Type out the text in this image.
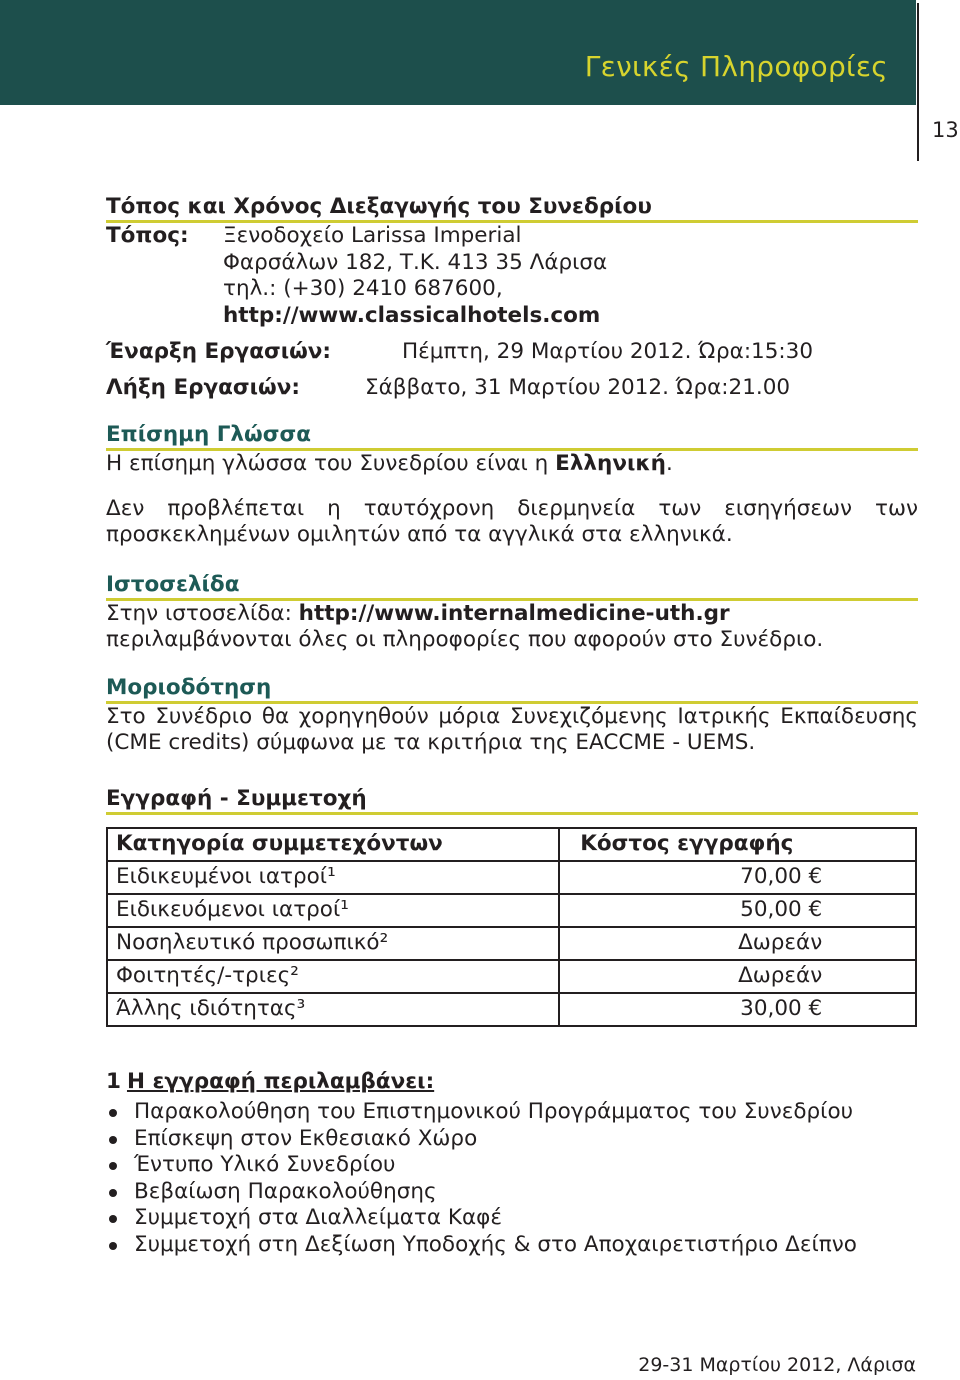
Γενικές Πληροφορίες
13
Τόπος και Χρόνος Διεξαγωγής του Συνεδρίου
Τόπος:	Ξενοδοχείο Larissa Imperial
Φαρσάλων 182, Τ.Κ. 413 35 Λάρισα
τηλ.: (+30) 2410 687600,
http://www.classicalhotels.com
Έναρξη Εργασιών:	Πέμπτη, 29 Μαρτίου 2012. Ώρα:15:30
Λήξη Εργασιών:	Σάββατο, 31 Μαρτίου 2012. Ώρα:21.00
Επίσημη Γλώσσα
Η επίσημη γλώσσα του Συνεδρίου είναι η Ελληνική.
Δεν προβλέπεται η ταυτόχρονη διερμηνεία των εισηγήσεων των προσκεκλημένων ομιλητών από τα αγγλικά στα ελληνικά.
Ιστοσελίδα
Στην ιστοσελίδα: http://www.internalmedicine-uth.gr
περιλαμβάνονται όλες οι πληροφορίες που αφορούν στο Συνέδριο.
Μοριοδότηση
Στο Συνέδριο θα χορηγηθούν μόρια Συνεχιζόμενης Ιατρικής Εκπαίδευσης (CME credits) σύμφωνα με τα κριτήρια της EACCME - UEMS.
Εγγραφή - Συμμετοχή
Κατηγορία συμμετεχόντων	Κόστος εγγραφής
Ειδικευμένοι ιατροί¹	70,00 €
Ειδικευόμενοι ιατροί¹	50,00 €
Νοσηλευτικό προσωπικό²	Δωρεάν
Φοιτητές/-τριες²	Δωρεάν
Άλλης ιδιότητας³	30,00 €
1 Η εγγραφή περιλαμβάνει:
Παρακολούθηση του Επιστημονικού Προγράμματος του Συνεδρίου
Επίσκεψη στον Εκθεσιακό Χώρο
Έντυπο Υλικό Συνεδρίου
Βεβαίωση Παρακολούθησης
Συμμετοχή στα Διαλλείματα Καφέ
Συμμετοχή στη Δεξίωση Υποδοχής & στο Αποχαιρετιστήριο Δείπνο
29-31 Μαρτίου 2012, Λάρισα
